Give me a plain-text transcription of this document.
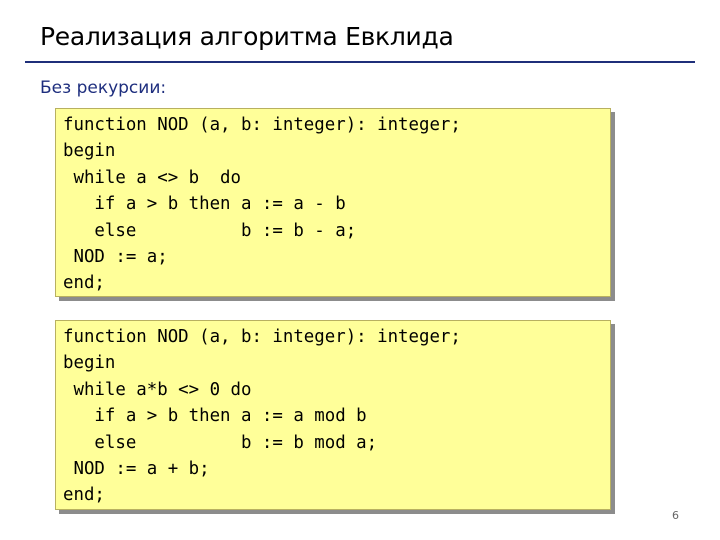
Реализация алгоритма Евклида
Без рекурсии:
function NOD (a, b: integer): integer;
begin
while a <> b  do
if a > b then a := a - b
else          b := b - a;
NOD := a;
end;
function NOD (a, b: integer): integer;
begin
while a*b <> 0 do
if a > b then a := a mod b
else          b := b mod a;
NOD := a + b;
end;
6
